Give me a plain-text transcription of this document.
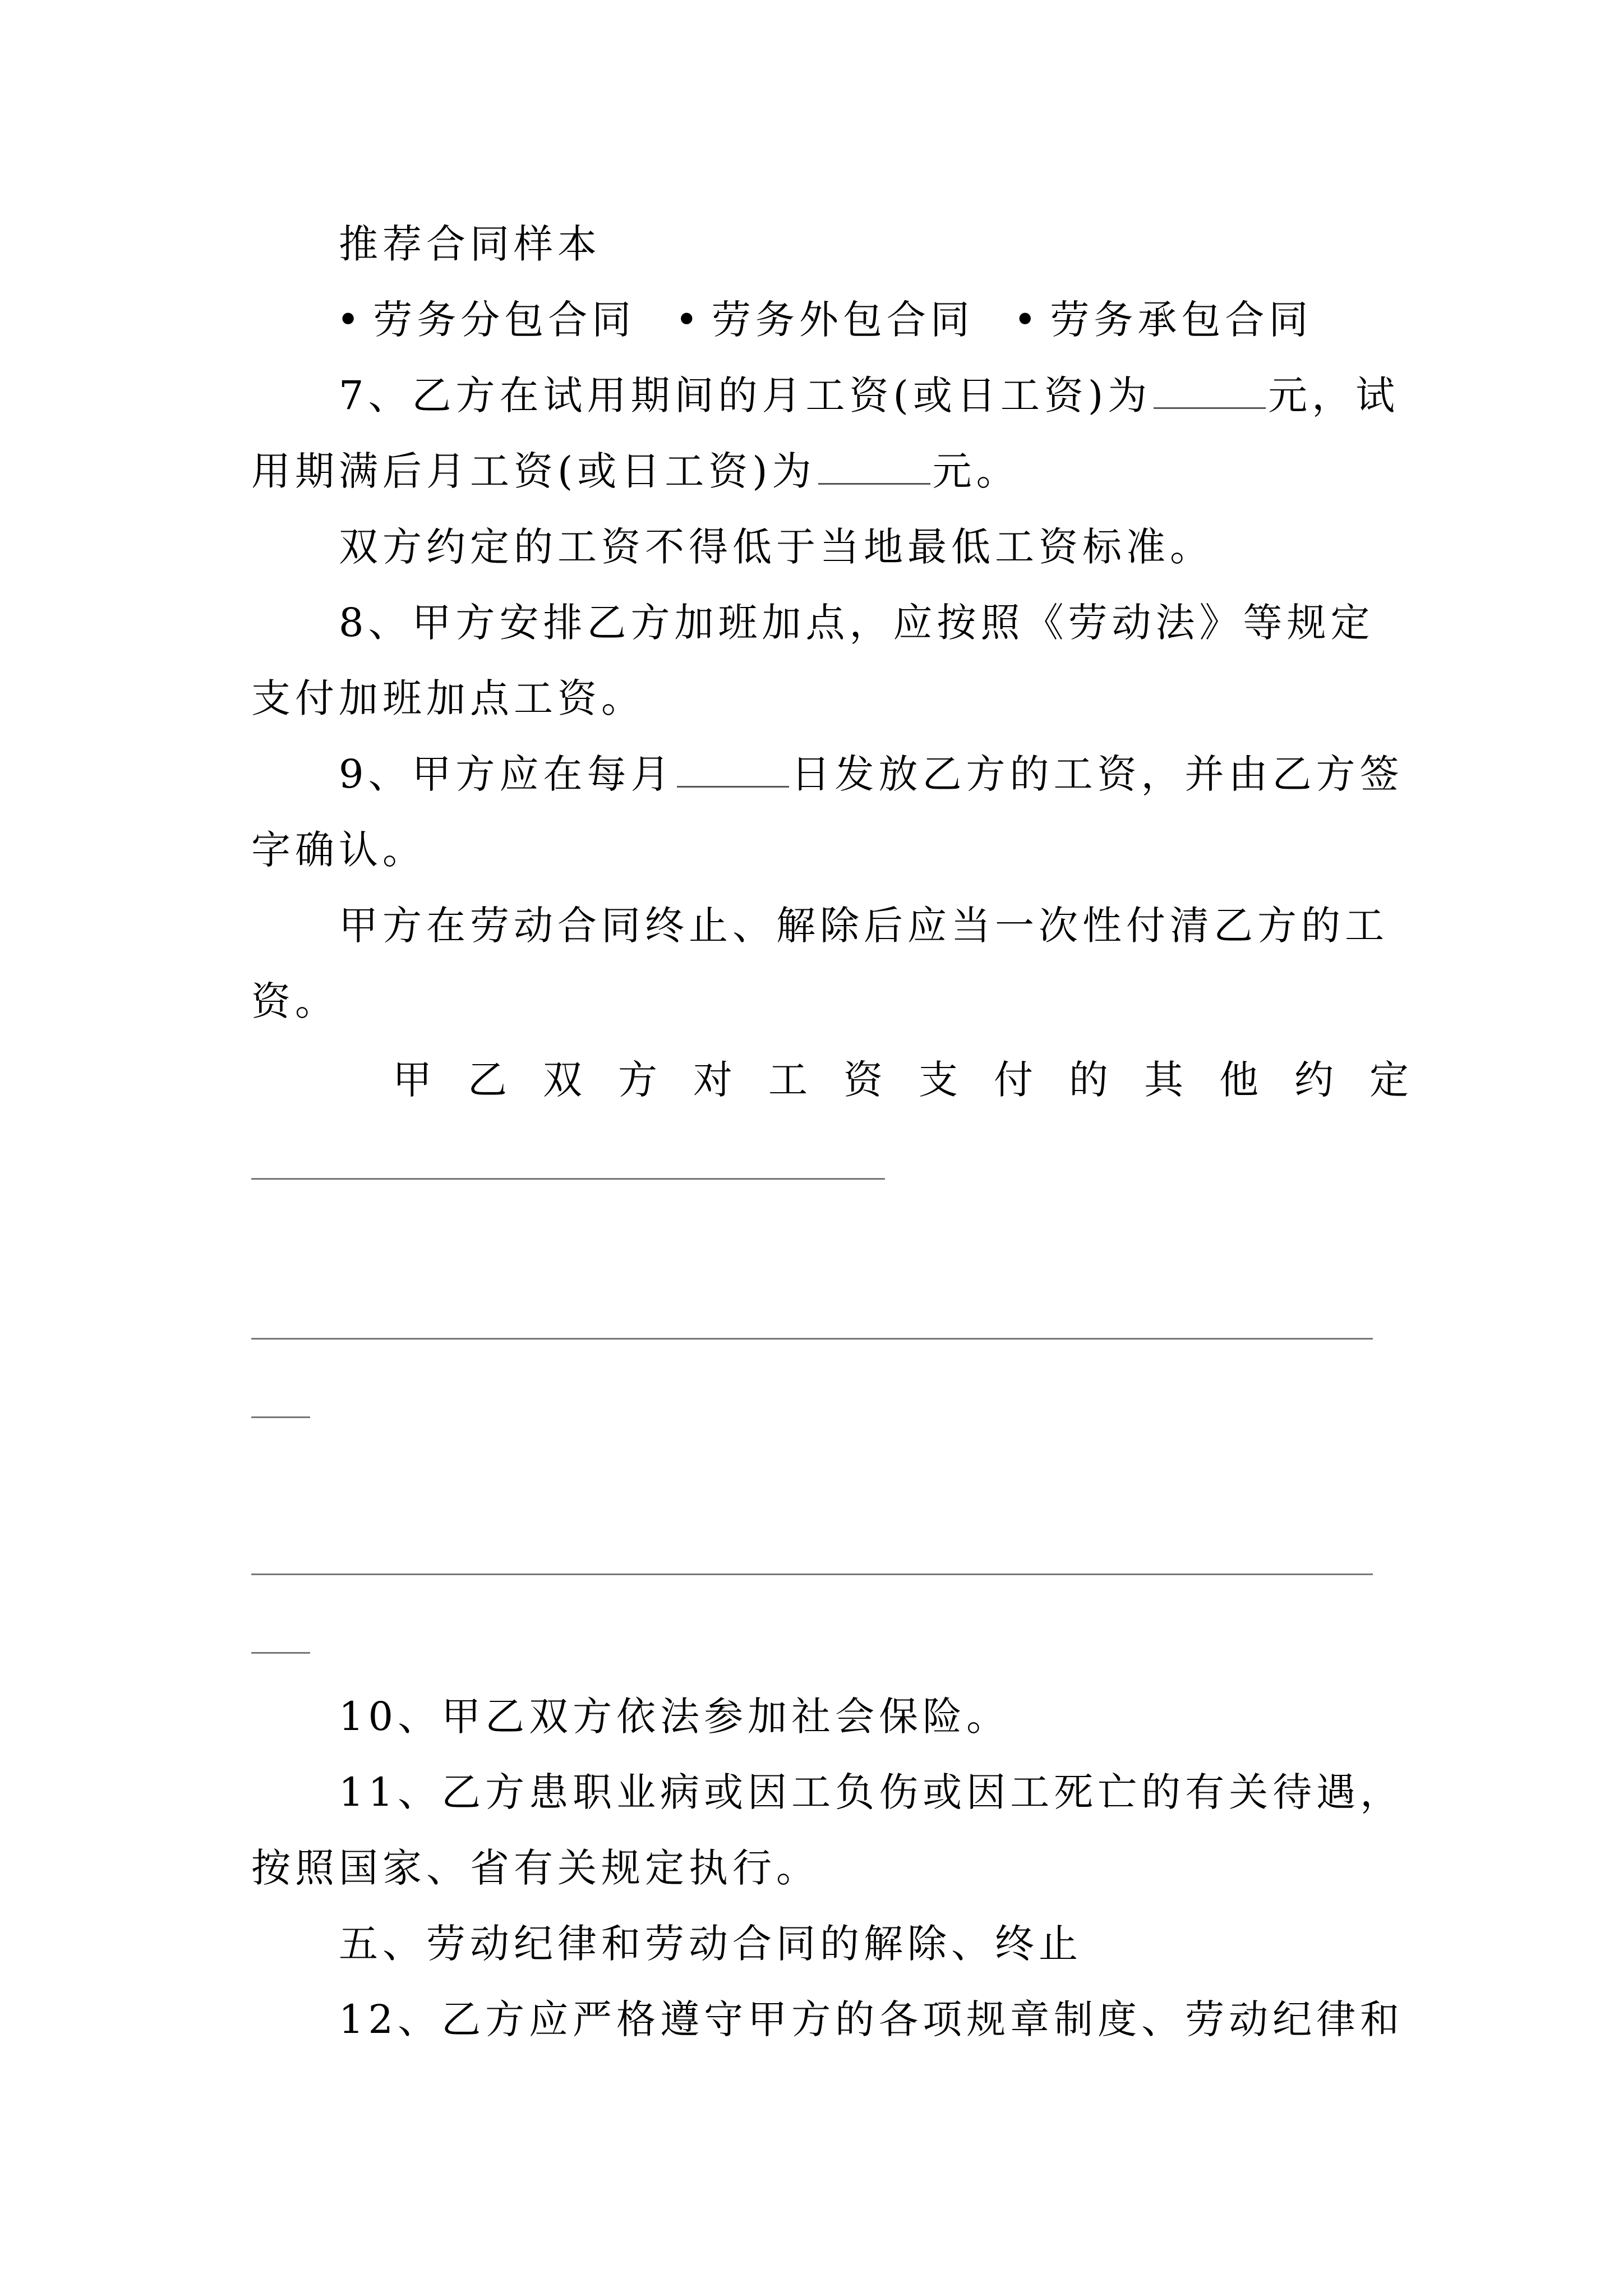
推荐合同样本
• 劳务分包合同 • 劳务外包合同 • 劳务承包合同
7、乙方在试用期间的月工资(或日工资)为	元，试
用期满后月工资(或日工资)为	元。
双方约定的工资不得低于当地最低工资标准。
8、甲方安排乙方加班加点，应按照《劳动法》等规定
支付加班加点工资。
9、甲方应在每月	日发放乙方的工资，并由乙方签
字确认。
甲方在劳动合同终止、解除后应当一次性付清乙方的工
资。
甲乙双方对工资支付的其他约定
10、甲乙双方依法参加社会保险。
11、乙方患职业病或因工负伤或因工死亡的有关待遇，
按照国家、省有关规定执行。
五、劳动纪律和劳动合同的解除、终止
12、乙方应严格遵守甲方的各项规章制度、劳动纪律和
